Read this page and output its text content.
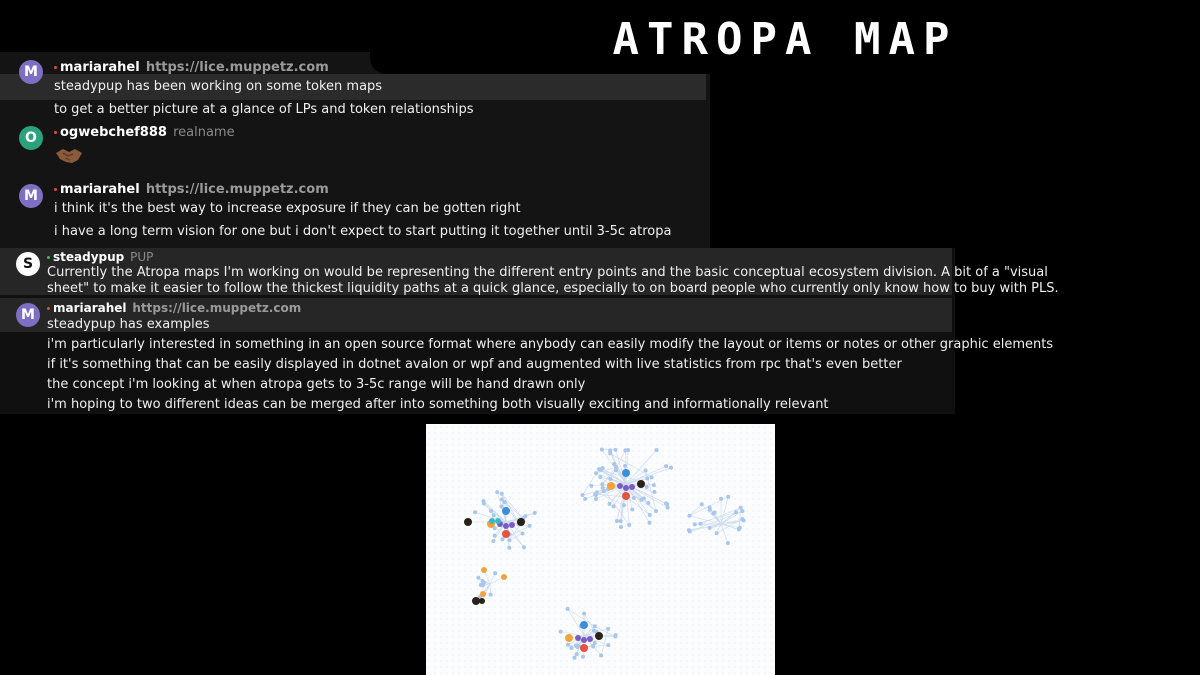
ATROPA MAP
M	mariarahel https://lice.muppetz.com
steadypup has been working on some token maps
to get a better picture at a glance of LPs and token relationships
O	ogwebchef888 realname
M	mariarahel https://lice.muppetz.com
i think it's the best way to increase exposure if they can be gotten right
i have a long term vision for one but i don't expect to start putting it together until 3-5c atropa
S	steadypup PUP
Currently the Atropa maps I'm working on would be representing the different entry points and the basic conceptual ecosystem division. A bit of a "visual
sheet" to make it easier to follow the thickest liquidity paths at a quick glance, especially to on board people who currently only know how to buy with PLS.
M	mariarahel https://lice.muppetz.com
steadypup has examples
i'm particularly interested in something in an open source format where anybody can easily modify the layout or items or notes or other graphic elements
if it's something that can be easily displayed in dotnet avalon or wpf and augmented with live statistics from rpc that's even better
the concept i'm looking at when atropa gets to 3-5c range will be hand drawn only
i'm hoping to two different ideas can be merged after into something both visually exciting and informationally relevant
